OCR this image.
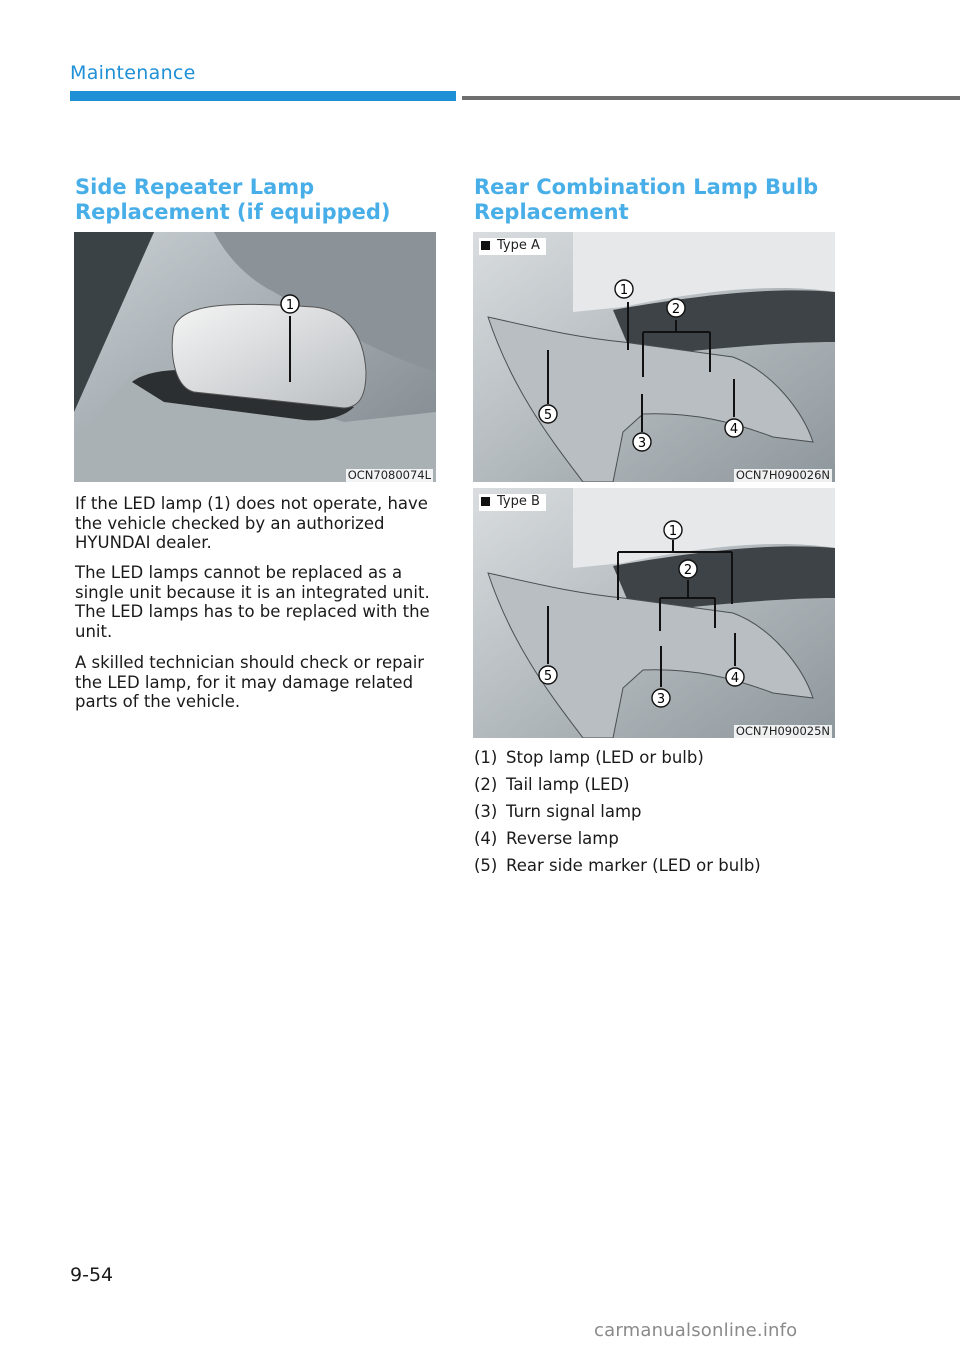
Maintenance
Side Repeater Lamp Replacement (if equipped)
1
OCN7080074L
If the LED lamp (1) does not operate, have the vehicle checked by an authorized HYUNDAI dealer.
The LED lamps cannot be replaced as a single unit because it is an integrated unit. The LED lamps has to be replaced with the unit.
A skilled technician should check or repair the LED lamp, for it may damage related parts of the vehicle.
Rear Combination Lamp Bulb Replacement
1
2
3
4
5
Type A
OCN7H090026N
1
2
3
4
5
Type B
OCN7H090025N
(1) Stop lamp (LED or bulb)
(2) Tail lamp (LED)
(3) Turn signal lamp
(4) Reverse lamp
(5) Rear side marker (LED or bulb)
9-54
carmanualsonline.info
